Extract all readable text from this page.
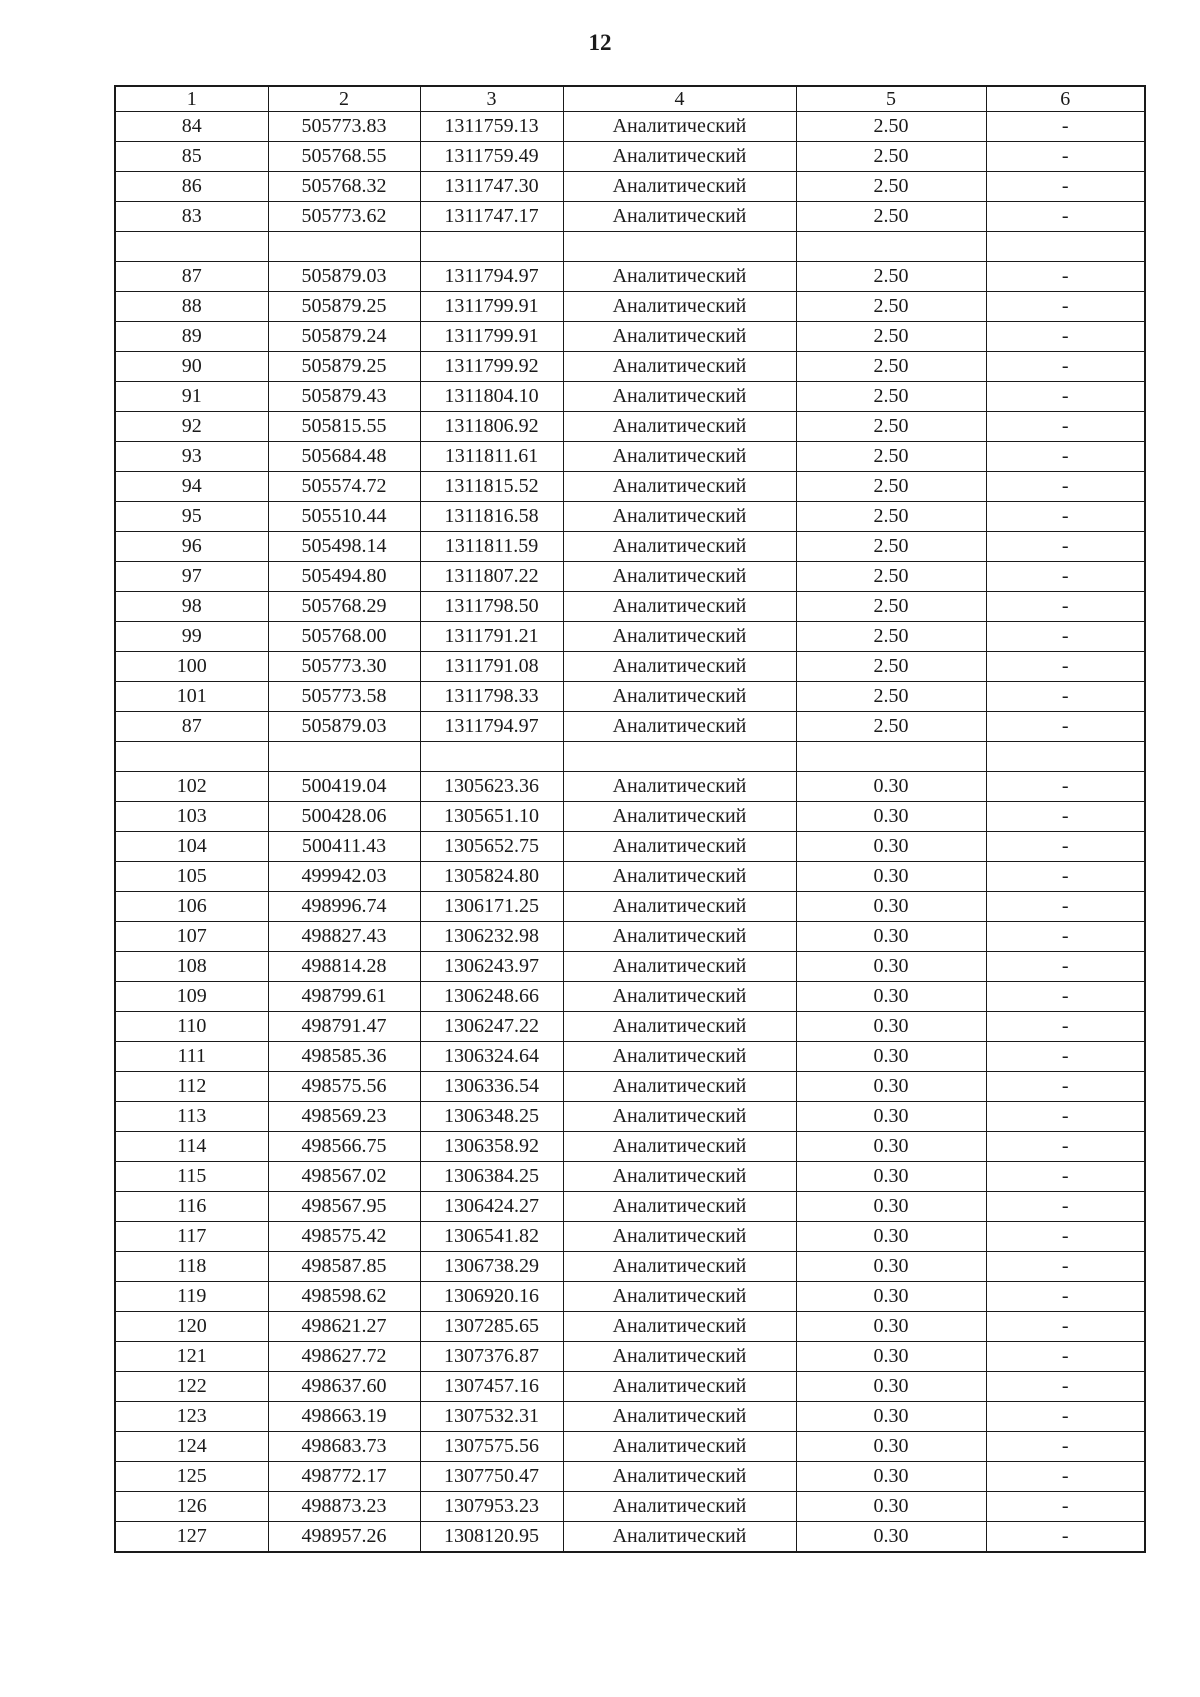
12
1	2	3	4	5	6
84	505773.83	1311759.13	Аналитический	2.50	-
85	505768.55	1311759.49	Аналитический	2.50	-
86	505768.32	1311747.30	Аналитический	2.50	-
83	505773.62	1311747.17	Аналитический	2.50	-

87	505879.03	1311794.97	Аналитический	2.50	-
88	505879.25	1311799.91	Аналитический	2.50	-
89	505879.24	1311799.91	Аналитический	2.50	-
90	505879.25	1311799.92	Аналитический	2.50	-
91	505879.43	1311804.10	Аналитический	2.50	-
92	505815.55	1311806.92	Аналитический	2.50	-
93	505684.48	1311811.61	Аналитический	2.50	-
94	505574.72	1311815.52	Аналитический	2.50	-
95	505510.44	1311816.58	Аналитический	2.50	-
96	505498.14	1311811.59	Аналитический	2.50	-
97	505494.80	1311807.22	Аналитический	2.50	-
98	505768.29	1311798.50	Аналитический	2.50	-
99	505768.00	1311791.21	Аналитический	2.50	-
100	505773.30	1311791.08	Аналитический	2.50	-
101	505773.58	1311798.33	Аналитический	2.50	-
87	505879.03	1311794.97	Аналитический	2.50	-

102	500419.04	1305623.36	Аналитический	0.30	-
103	500428.06	1305651.10	Аналитический	0.30	-
104	500411.43	1305652.75	Аналитический	0.30	-
105	499942.03	1305824.80	Аналитический	0.30	-
106	498996.74	1306171.25	Аналитический	0.30	-
107	498827.43	1306232.98	Аналитический	0.30	-
108	498814.28	1306243.97	Аналитический	0.30	-
109	498799.61	1306248.66	Аналитический	0.30	-
110	498791.47	1306247.22	Аналитический	0.30	-
111	498585.36	1306324.64	Аналитический	0.30	-
112	498575.56	1306336.54	Аналитический	0.30	-
113	498569.23	1306348.25	Аналитический	0.30	-
114	498566.75	1306358.92	Аналитический	0.30	-
115	498567.02	1306384.25	Аналитический	0.30	-
116	498567.95	1306424.27	Аналитический	0.30	-
117	498575.42	1306541.82	Аналитический	0.30	-
118	498587.85	1306738.29	Аналитический	0.30	-
119	498598.62	1306920.16	Аналитический	0.30	-
120	498621.27	1307285.65	Аналитический	0.30	-
121	498627.72	1307376.87	Аналитический	0.30	-
122	498637.60	1307457.16	Аналитический	0.30	-
123	498663.19	1307532.31	Аналитический	0.30	-
124	498683.73	1307575.56	Аналитический	0.30	-
125	498772.17	1307750.47	Аналитический	0.30	-
126	498873.23	1307953.23	Аналитический	0.30	-
127	498957.26	1308120.95	Аналитический	0.30	-
